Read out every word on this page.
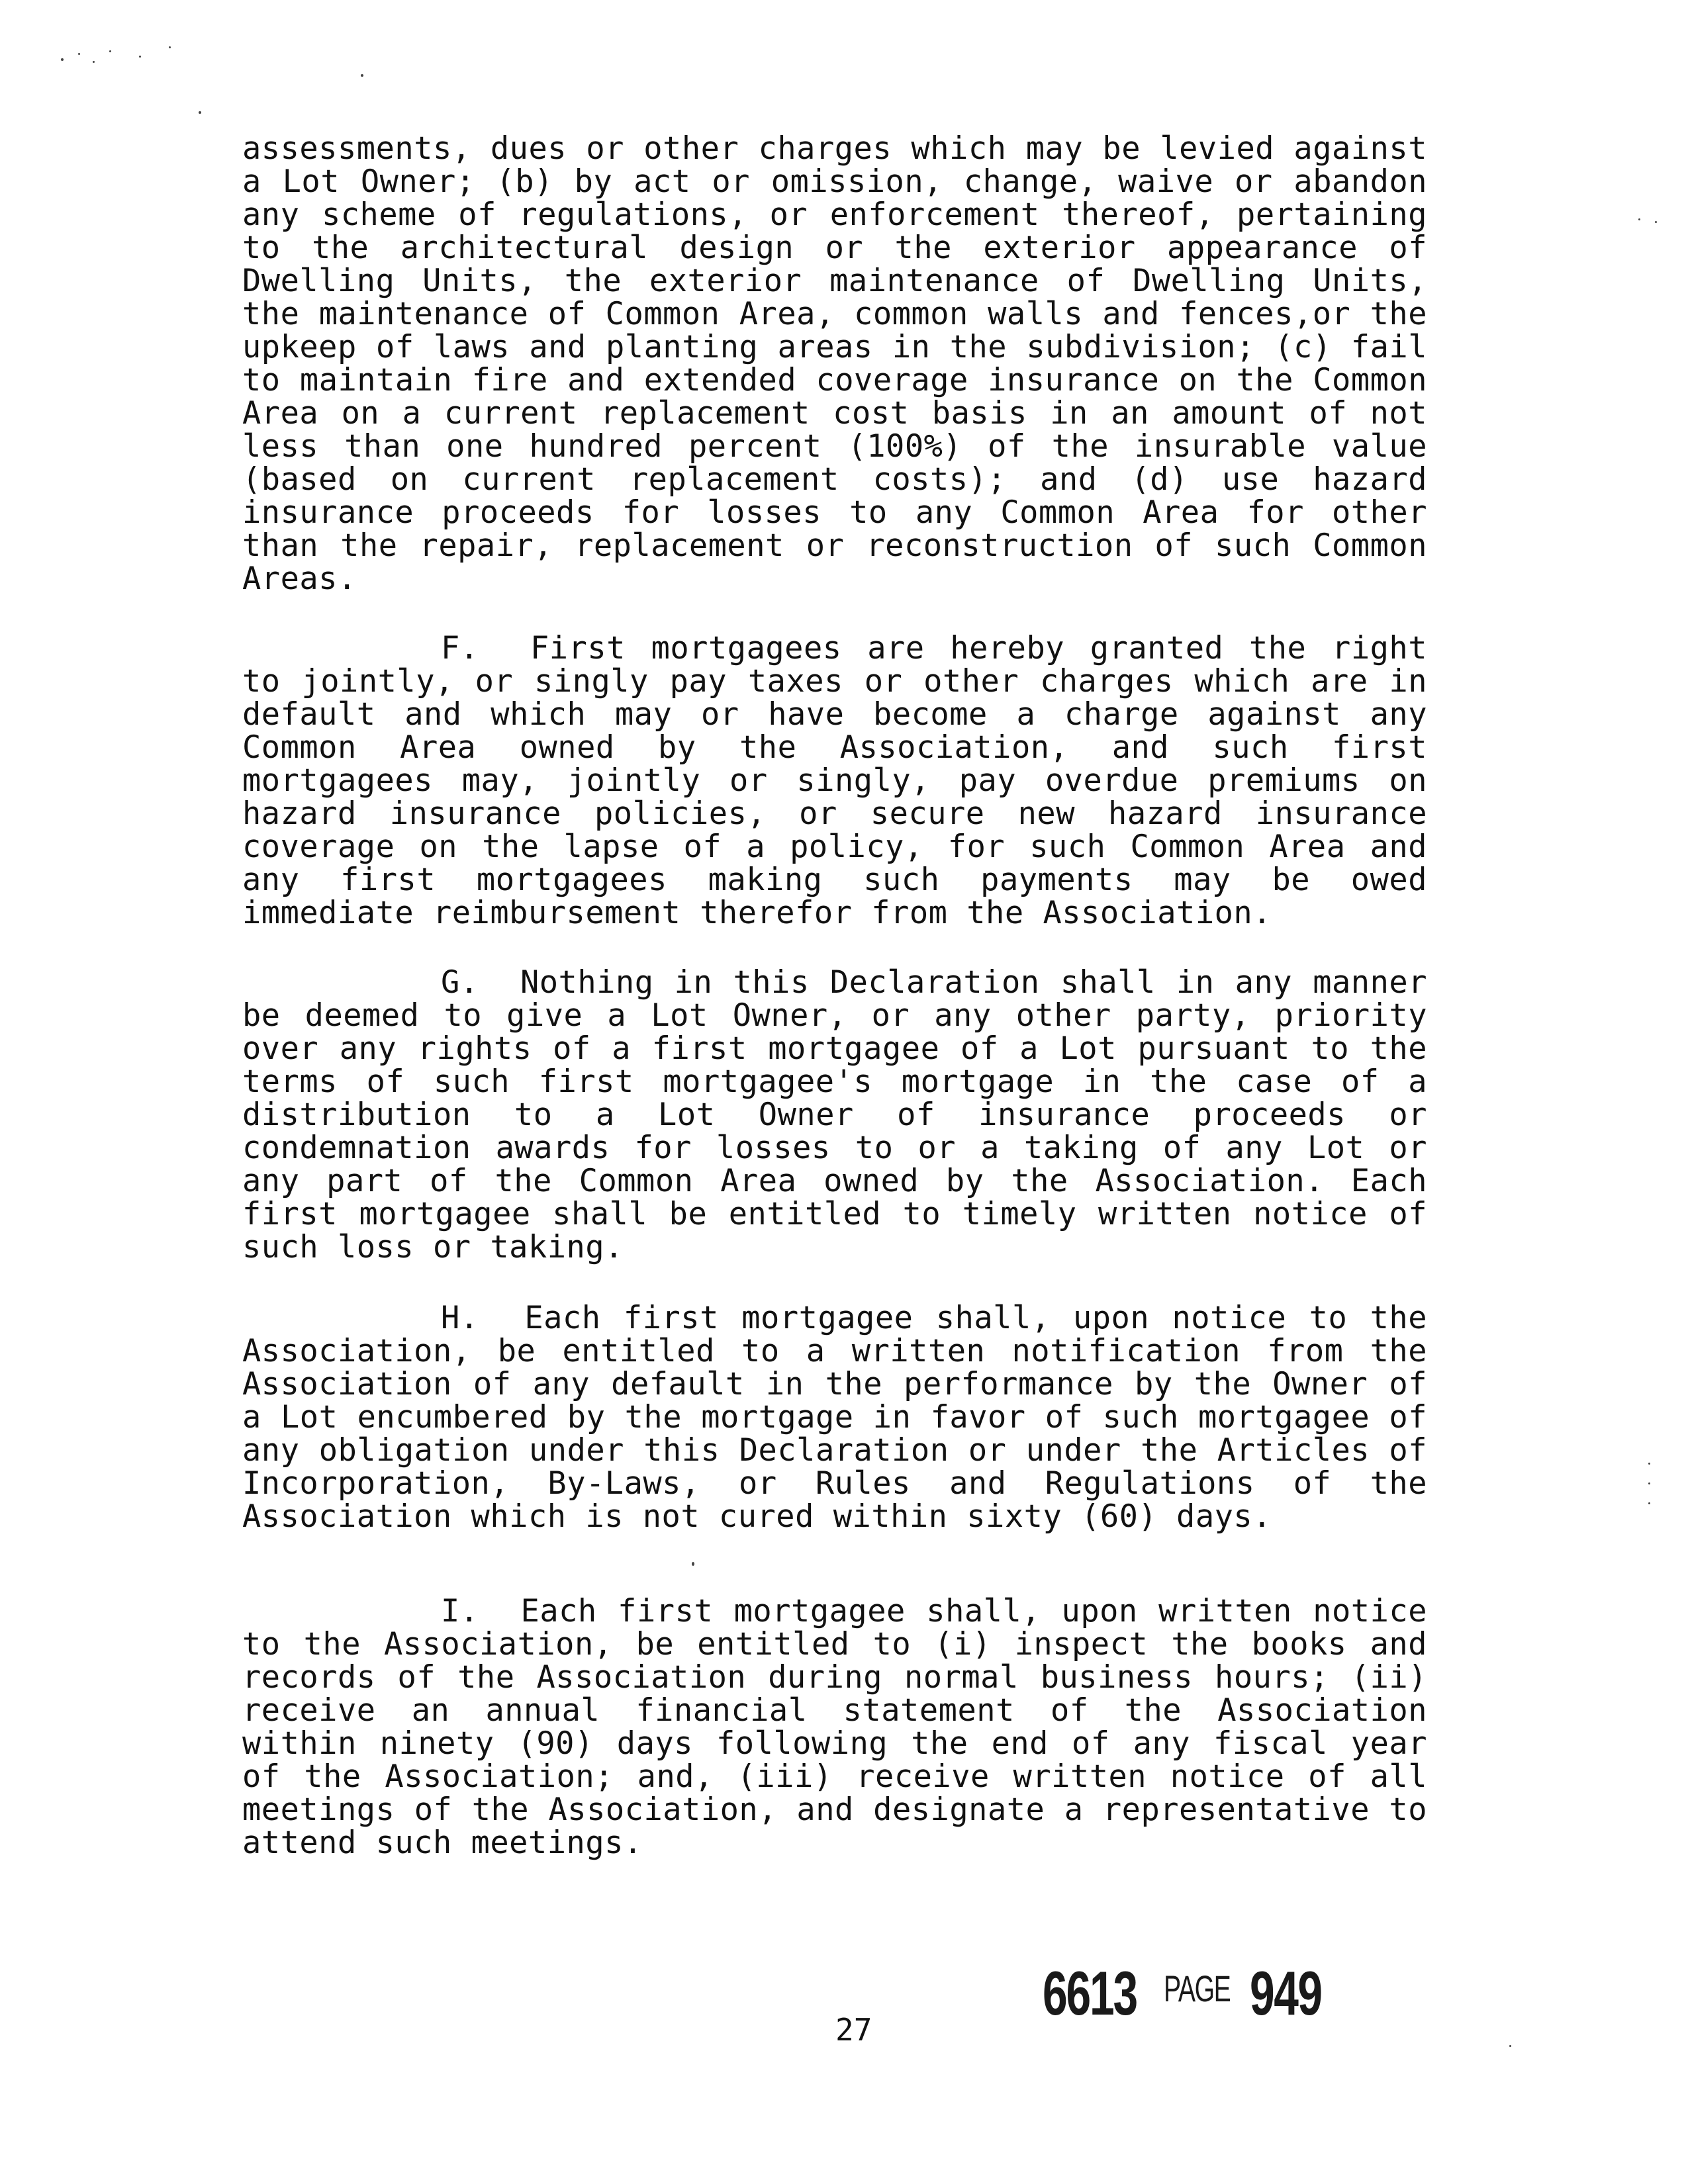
assessments, dues or other charges which may be levied against a Lot Owner; (b) by act or omission, change, waive or abandon any scheme of regulations, or enforcement thereof, pertaining to the architectural design or the exterior appearance of Dwelling Units, the exterior maintenance of Dwelling Units, the maintenance of Common Area, common walls and fences,or the upkeep of laws and planting areas in the subdivision; (c) fail to maintain fire and extended coverage insurance on the Common Area on a current replacement cost basis in an amount of not less than one hundred percent (100%) of the insurable value (based on current replacement costs); and (d) use hazard insurance proceeds for losses to any Common Area for other than the repair, replacement or reconstruction of such Common Areas.
F. First mortgagees are hereby granted the right to jointly, or singly pay taxes or other charges which are in default and which may or have become a charge against any Common Area owned by the Association, and such first mortgagees may, jointly or singly, pay overdue premiums on hazard insurance policies, or secure new hazard insurance coverage on the lapse of a policy, for such Common Area and any first mortgagees making such payments may be owed immediate reimbursement therefor from the Association.
G. Nothing in this Declaration shall in any manner be deemed to give a Lot Owner, or any other party, priority over any rights of a first mortgagee of a Lot pursuant to the terms of such first mortgagee's mortgage in the case of a distribution to a Lot Owner of insurance proceeds or condemnation awards for losses to or a taking of any Lot or any part of the Common Area owned by the Association. Each first mortgagee shall be entitled to timely written notice of such loss or taking.
H. Each first mortgagee shall, upon notice to the Association, be entitled to a written notification from the Association of any default in the performance by the Owner of a Lot encumbered by the mortgage in favor of such mortgagee of any obligation under this Declaration or under the Articles of Incorporation, By-Laws, or Rules and Regulations of the Association which is not cured within sixty (60) days.
I. Each first mortgagee shall, upon written notice to the Association, be entitled to (i) inspect the books and records of the Association during normal business hours; (ii) receive an annual financial statement of the Association within ninety (90) days following the end of any fiscal year of the Association; and, (iii) receive written notice of all meetings of the Association, and designate a representative to attend such meetings.
6613 PAGE 949
27
